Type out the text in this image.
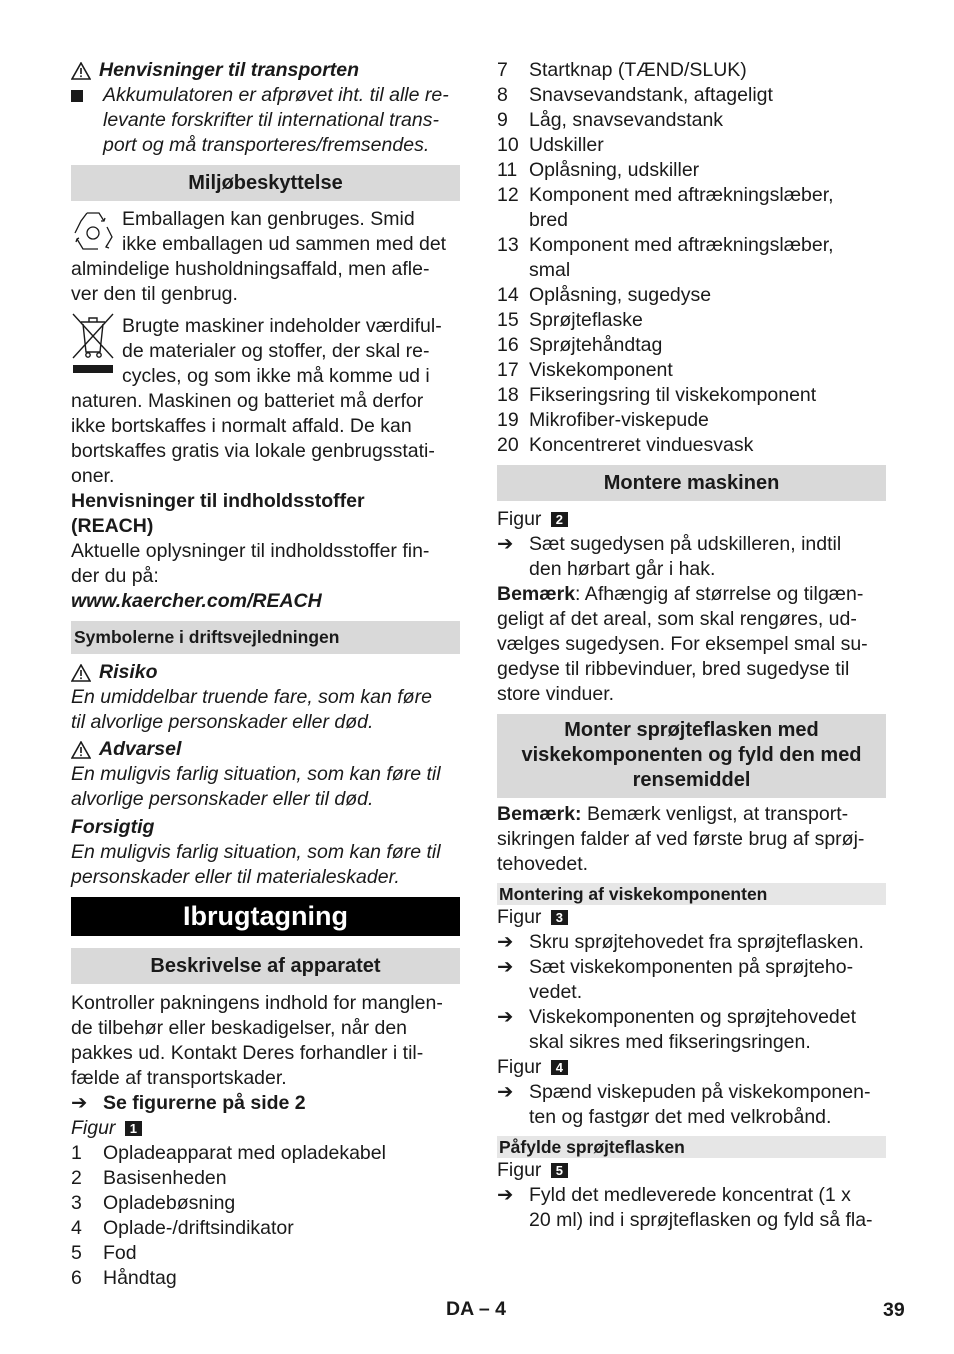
Henvisninger til transporten

Akkumulatoren er afprøvet iht. til alle re-

levante forskrifter til international trans-

port og må transporteres/fremsendes.

Miljøbeskyttelse

Emballagen kan genbruges. Smid

ikke emballagen ud sammen med det

almindelige husholdningsaffald, men afle-

ver den til genbrug.

Brugte maskiner indeholder værdiful-

de materialer og stoffer, der skal re-

cycles, og som ikke må komme ud i

naturen. Maskinen og batteriet må derfor

ikke bortskaffes i normalt affald. De kan

bortskaffes gratis via lokale genbrugsstati-

oner.

Henvisninger til indholdsstoffer

(REACH)

Aktuelle oplysninger til indholdsstoffer fin-

der du på:

www.kaercher.com/REACH

Symbolerne i driftsvejledningen
Risiko

En umiddelbar truende fare, som kan føre

til alvorlige personskader eller død.

Advarsel

En muligvis farlig situation, som kan føre til

alvorlige personskader eller til død.

Forsigtig

En muligvis farlig situation, som kan føre til

personskader eller til materialeskader.

Ibrugtagning
Beskrivelse af apparatet

Kontroller pakningens indhold for manglen-

de tilbehør eller beskadigelser, når den

pakkes ud. Kontakt Deres forhandler i til-

fælde af transportskader.

➔ Se figurerne på side 2

Figur 1

1	Opladeapparat med opladekabel
2	Basisenheden
3	Opladebøsning
4	Oplade-/driftsindikator
5	Fod
6	Håndtag
7	Startknap (TÆND/SLUK)

8	Snavsevandstank, aftageligt

9	Låg, snavsevandstank

10 Udskiller

11 Oplåsning, udskiller

12 Komponent med aftrækningslæber,

bred

13 Komponent med aftrækningslæber,

smal

14 Oplåsning, sugedyse

15 Sprøjteflaske

16 Sprøjtehåndtag

17 Viskekomponent

18 Fikseringsring til viskekomponent

19 Mikrofiber-viskepude

20 Koncentreret vinduesvask

Montere maskinen

Figur 2

➔ Sæt sugedysen på udskilleren, indtil

den hørbart går i hak.

Bemærk: Afhængig af størrelse og tilgæn-

geligt af det areal, som skal rengøres, ud-

vælges sugedysen. For eksempel smal su-

gedyse til ribbevinduer, bred sugedyse til

store vinduer.

Monter sprøjteflasken med

viskekomponenten og fyld den med

rensemiddel

Bemærk: Bemærk venligst, at transport-

sikringen falder af ved første brug af sprøj-

tehovedet.

Montering af viskekomponenten

Figur 3

➔ Skru sprøjtehovedet fra sprøjteflasken.

➔ Sæt viskekomponenten på sprøjteho-

vedet.

➔ Viskekomponenten og sprøjtehovedet

skal sikres med fikseringsringen.

Figur 4

➔ Spænd viskepuden på viskekomponen-

ten og fastgør det med velkrobånd.

Påfylde sprøjteflasken

Figur 5

➔ Fyld det medleverede koncentrat (1 x

20 ml) ind i sprøjteflasken og fyld så fla-

DA – 4	39
